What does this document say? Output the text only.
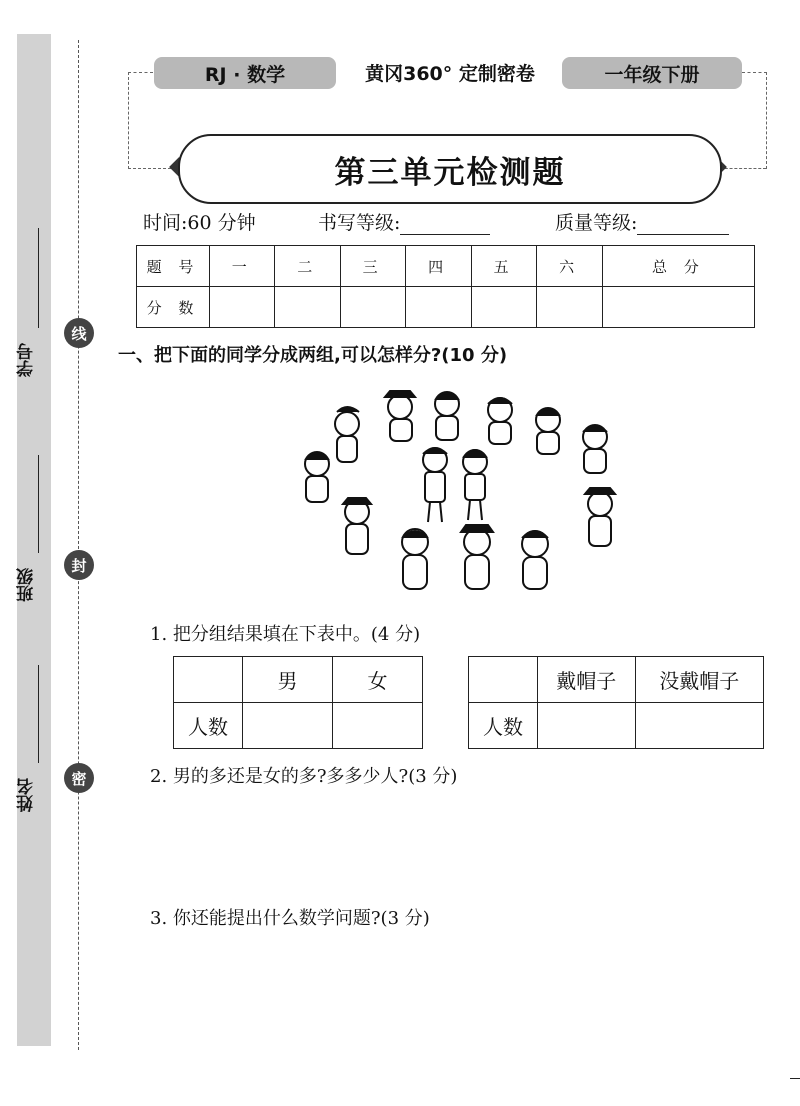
学号
班级
姓名
线
封
密
RJ · 数学	黄冈360° 定制密卷	一年级下册
第三单元检测题
时间:60 分钟	书写等级:	质量等级:
题 号	一	二	三	四	五	六	总 分
分 数							
一、把下面的同学分成两组,可以怎样分?(10 分)
1. 把分组结果填在下表中。(4 分)
	男	女
人数		
	戴帽子	没戴帽子
人数		
2. 男的多还是女的多?多多少人?(3 分)
3. 你还能提出什么数学问题?(3 分)
